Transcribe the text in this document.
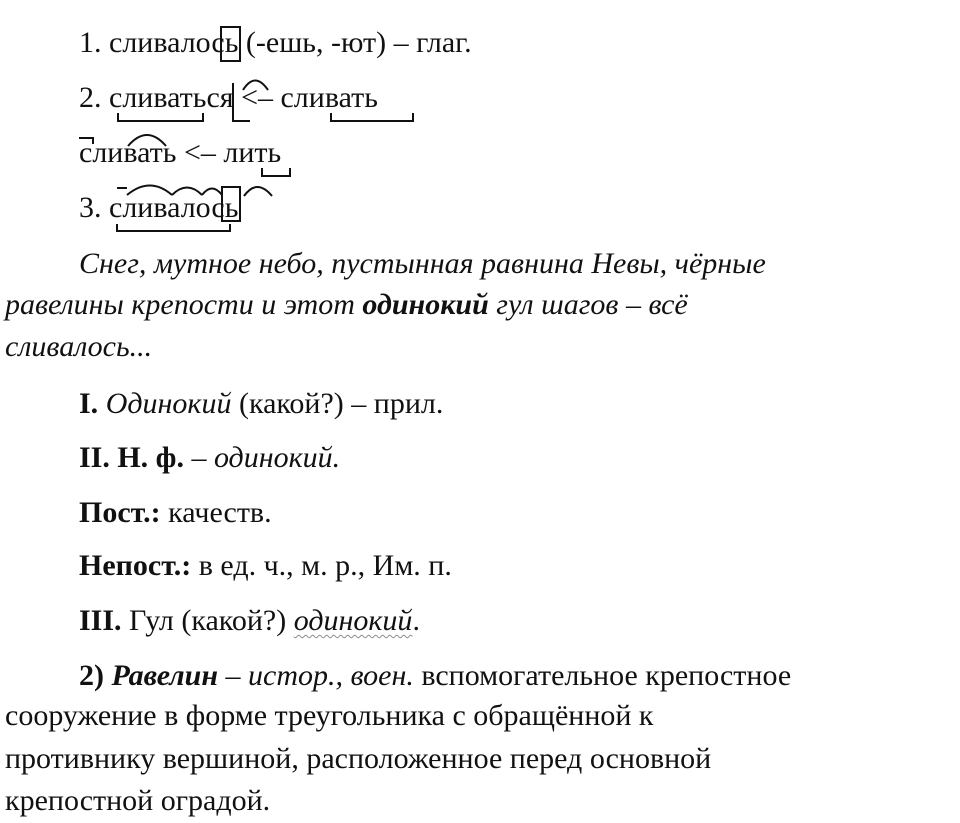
1. сливалось (-ешь, -ют) – глаг.
2. сливаться <– сливать
сливать <– лить
3. сливалось
Снег, мутное небо, пустынная равнина Невы, чёрные
равелины крепости и этот одинокий гул шагов – всё
сливалось...
I. Одинокий (какой?) – прил.
II. Н. ф. – одинокий.
Пост.: качеств.
Непост.: в ед. ч., м. р., Им. п.
III. Гул (какой?) одинокий.
2) Равелин – истор., воен. вспомогательное крепостное
сооружение в форме треугольника с обращённой к
противнику вершиной, расположенное перед основной
крепостной оградой.
